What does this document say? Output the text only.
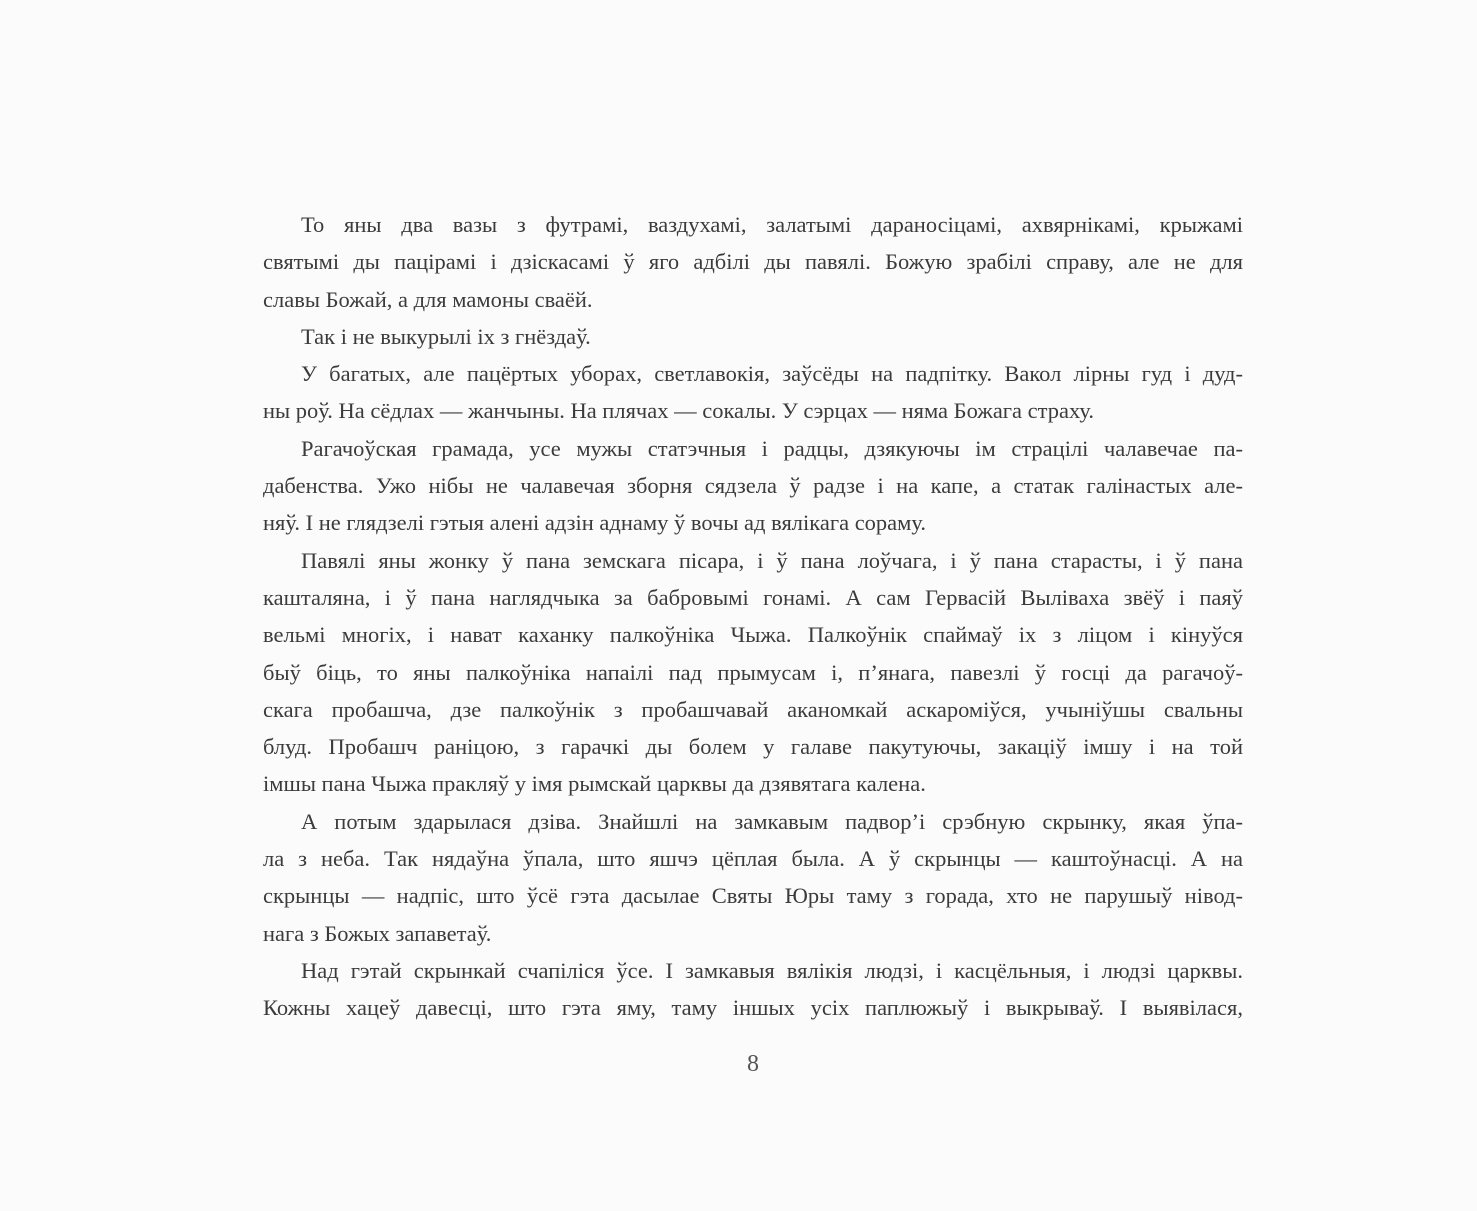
То яны два вазы з футрамі, ваздухамі, залатымі дараносіцамі, ахвярнікамі, крыжамі
святымі ды пацірамі і дзіскасамі ў яго адбілі ды павялі. Божую зрабілі справу, але не для
славы Божай, а для мамоны сваёй.
Так і не выкурылі іх з гнёздаў.
У багатых, але пацёртых уборах, светлавокія, заўсёды на падпітку. Вакол лірны гуд і дуд-
ны роў. На сёдлах — жанчыны. На плячах — сокалы. У сэрцах — няма Божага страху.
Рагачоўская грамада, усе мужы статэчныя і радцы, дзякуючы ім страцілі чалавечае па-
дабенства. Ужо нібы не чалавечая зборня сядзела ў радзе і на капе, а статак галінастых але-
няў. І не глядзелі гэтыя алені адзін аднаму ў вочы ад вялікага сораму.
Павялі яны жонку ў пана земскага пісара, і ў пана лоўчага, і ў пана старасты, і ў пана
кашталяна, і ў пана наглядчыка за бабровымі гонамі. А сам Гервасій Выліваха звёў і паяў
вельмі многіх, і нават каханку палкоўніка Чыжа. Палкоўнік спаймаў іх з ліцом і кінуўся
быў біць, то яны палкоўніка напаілі пад прымусам і, п’янага, павезлі ў госці да рагачоў-
скага пробашча, дзе палкоўнік з пробашчавай аканомкай аскароміўся, учыніўшы свальны
блуд. Пробашч раніцою, з гарачкі ды болем у галаве пакутуючы, закаціў імшу і на той
імшы пана Чыжа пракляў у імя рымскай царквы да дзявятага калена.
А потым здарылася дзіва. Знайшлі на замкавым падвор’і срэбную скрынку, якая ўпа-
ла з неба. Так нядаўна ўпала, што яшчэ цёплая была. А ў скрынцы — каштоўнасці. А на
скрынцы — надпіс, што ўсё гэта дасылае Святы Юры таму з горада, хто не парушыў нівод-
нага з Божых запаветаў.
Над гэтай скрынкай счапіліся ўсе. І замкавыя вялікія людзі, і касцёльныя, і людзі царквы.
Кожны хацеў давесці, што гэта яму, таму іншых усіх паплюжыў і выкрываў. І выявілася,
8
